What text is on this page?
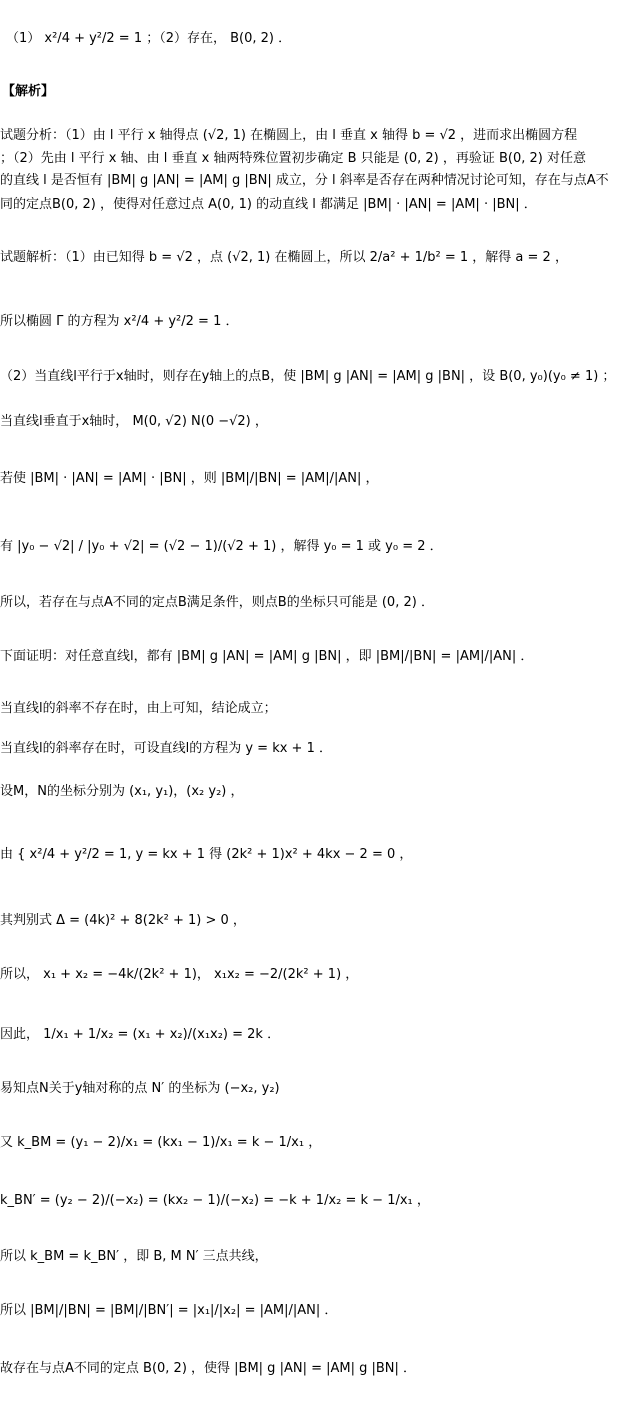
（1） x²/4 + y²/2 = 1 ；（2）存在， B(0, 2) ．
【解析】
试题分析：（1）由 l 平行 x 轴得点 (√2, 1) 在椭圆上，由 l 垂直 x 轴得 b = √2 ，进而求出椭圆方程
；（2）先由 l 平行 x 轴、由 l 垂直 x 轴两特殊位置初步确定 B 只能是 (0, 2) ，再验证 B(0, 2) 对任意
的直线 l 是否恒有 |BM| g |AN| = |AM| g |BN| 成立，分 l 斜率是否存在两种情况讨论可知，存在与点A不
同的定点B(0, 2) ，使得对任意过点 A(0, 1) 的动直线 l 都满足 |BM| · |AN| = |AM| · |BN| ．
试题解析：（1）由已知得 b = √2 ，点 (√2, 1) 在椭圆上，所以 2/a² + 1/b² = 1 ，解得 a = 2 ，
所以椭圆 Γ 的方程为 x²/4 + y²/2 = 1 ．
（2）当直线l平行于x轴时，则存在y轴上的点B，使 |BM| g |AN| = |AM| g |BN| ，设 B(0, y₀)(y₀ ≠ 1) ；
当直线l垂直于x轴时， M(0, √2) N(0 −√2) ，
若使 |BM| · |AN| = |AM| · |BN| ，则 |BM|/|BN| = |AM|/|AN| ，
有 |y₀ − √2| / |y₀ + √2| = (√2 − 1)/(√2 + 1) ，解得 y₀ = 1 或 y₀ = 2 ．
所以，若存在与点A不同的定点B满足条件，则点B的坐标只可能是 (0, 2) ．
下面证明：对任意直线l，都有 |BM| g |AN| = |AM| g |BN| ，即 |BM|/|BN| = |AM|/|AN| ．
当直线l的斜率不存在时，由上可知，结论成立；
当直线l的斜率存在时，可设直线l的方程为 y = kx + 1 ．
设M，N的坐标分别为 (x₁, y₁)，(x₂ y₂) ，
由 { x²/4 + y²/2 = 1, y = kx + 1 得 (2k² + 1)x² + 4kx − 2 = 0 ，
其判别式 Δ = (4k)² + 8(2k² + 1) > 0 ，
所以， x₁ + x₂ = −4k/(2k² + 1)， x₁x₂ = −2/(2k² + 1) ，
因此， 1/x₁ + 1/x₂ = (x₁ + x₂)/(x₁x₂) = 2k ．
易知点N关于y轴对称的点 N′ 的坐标为 (−x₂, y₂)
又 k_BM = (y₁ − 2)/x₁ = (kx₁ − 1)/x₁ = k − 1/x₁ ，
k_BN′ = (y₂ − 2)/(−x₂) = (kx₂ − 1)/(−x₂) = −k + 1/x₂ = k − 1/x₁ ，
所以 k_BM = k_BN′ ，即 B, M N′ 三点共线，
所以 |BM|/|BN| = |BM|/|BN′| = |x₁|/|x₂| = |AM|/|AN| ．
故存在与点A不同的定点 B(0, 2) ，使得 |BM| g |AN| = |AM| g |BN| ．
